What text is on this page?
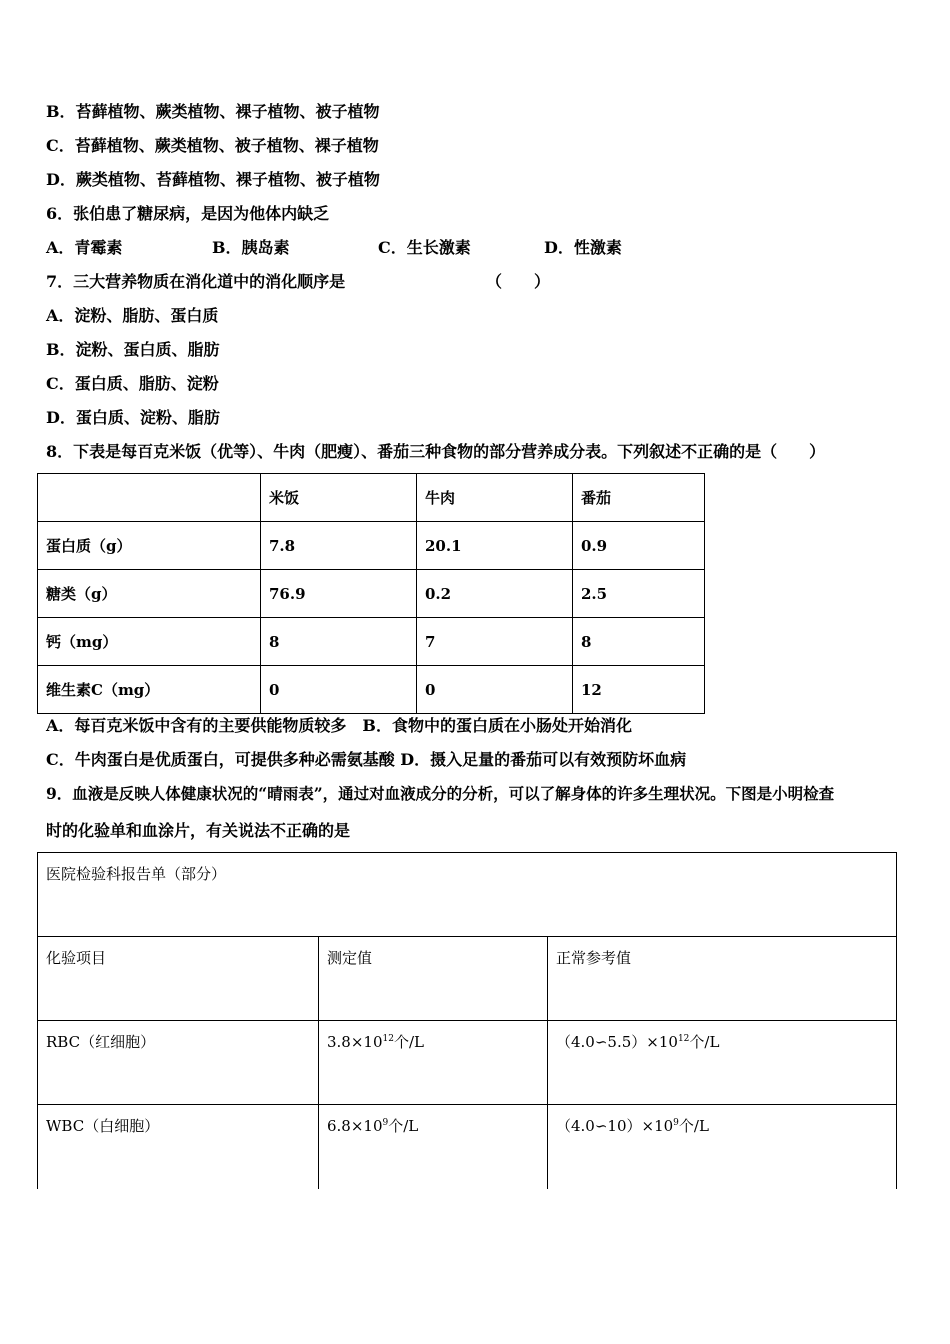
B．苔藓植物、蕨类植物、裸子植物、被子植物
C．苔藓植物、蕨类植物、被子植物、裸子植物
D．蕨类植物、苔藓植物、裸子植物、被子植物
6．张伯患了糖尿病，是因为他体内缺乏
A．青霉素	B．胰岛素	C．生长激素	D．性激素
7．三大营养物质在消化道中的消化顺序是	（　　）
A．淀粉、脂肪、蛋白质
B．淀粉、蛋白质、脂肪
C．蛋白质、脂肪、淀粉
D．蛋白质、淀粉、脂肪
8．下表是每百克米饭（优等）、牛肉（肥瘦）、番茄三种食物的部分营养成分表。下列叙述不正确的是（　　）
	米饭	牛肉	番茄
蛋白质（g）	7.8	20.1	0.9
糖类（g）	76.9	0.2	2.5
钙（mg）	8	7	8
维生素C（mg）	0	0	12
A．每百克米饭中含有的主要供能物质较多　B．食物中的蛋白质在小肠处开始消化
C．牛肉蛋白是优质蛋白，可提供多种必需氨基酸 D．摄入足量的番茄可以有效预防坏血病
9．血液是反映人体健康状况的“晴雨表”，通过对血液成分的分析，可以了解身体的许多生理状况。下图是小明检查
时的化验单和血涂片，有关说法不正确的是
医院检验科报告单（部分）		
化验项目	测定值	正常参考值
RBC（红细胞）	$3.8\times 10^{12}$个/L	$(4.0∽5.5)\times 10^{12}$个/L
WBC（白细胞）	$6.8\times 10^9$个/L	$(4.0∽10)\times 10^9$个/L
